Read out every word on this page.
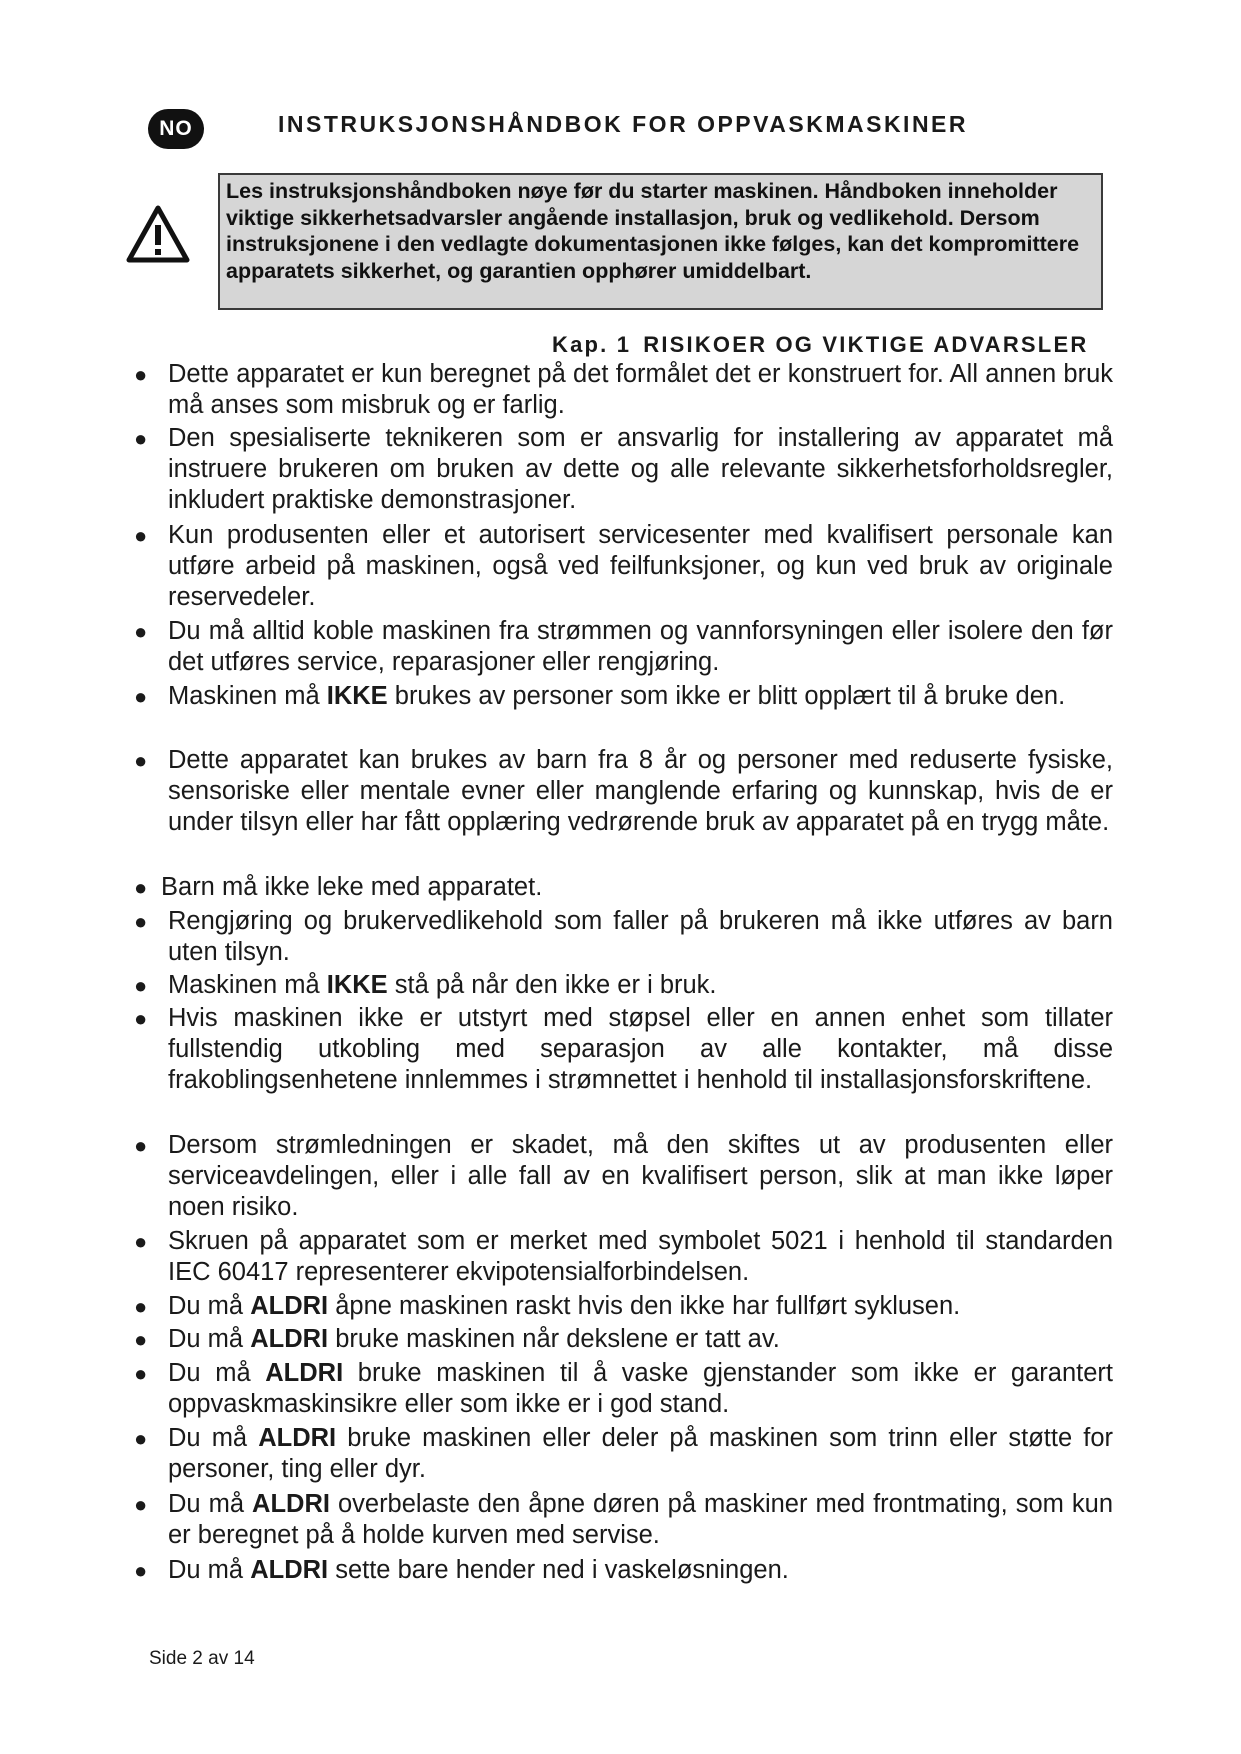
NO	INSTRUKSJONSHÅNDBOK FOR OPPVASKMASKINER
Les instruksjonshåndboken nøye før du starter maskinen. Håndboken inneholder viktige sikkerhetsadvarsler angående installasjon, bruk og vedlikehold. Dersom instruksjonene i den vedlagte dokumentasjonen ikke følges, kan det kompromittere apparatets sikkerhet, og garantien opphører umiddelbart.
Kap. 1 RISIKOER OG VIKTIGE ADVARSLER
● Dette apparatet er kun beregnet på det formålet det er konstruert for. All annen bruk må anses som misbruk og er farlig.
● Den spesialiserte teknikeren som er ansvarlig for installering av apparatet må instruere brukeren om bruken av dette og alle relevante sikkerhetsforholdsregler, inkludert praktiske demonstrasjoner.
● Kun produsenten eller et autorisert servicesenter med kvalifisert personale kan utføre arbeid på maskinen, også ved feilfunksjoner, og kun ved bruk av originale reservedeler.
● Du må alltid koble maskinen fra strømmen og vannforsyningen eller isolere den før det utføres service, reparasjoner eller rengjøring.
● Maskinen må IKKE brukes av personer som ikke er blitt opplært til å bruke den.
● Dette apparatet kan brukes av barn fra 8 år og personer med reduserte fysiske, sensoriske eller mentale evner eller manglende erfaring og kunnskap, hvis de er under tilsyn eller har fått opplæring vedrørende bruk av apparatet på en trygg måte.
● Barn må ikke leke med apparatet.
● Rengjøring og brukervedlikehold som faller på brukeren må ikke utføres av barn uten tilsyn.
● Maskinen må IKKE stå på når den ikke er i bruk.
● Hvis maskinen ikke er utstyrt med støpsel eller en annen enhet som tillater fullstendig utkobling med separasjon av alle kontakter, må disse frakoblingsenhetene innlemmes i strømnettet i henhold til installasjonsforskriftene.
● Dersom strømledningen er skadet, må den skiftes ut av produsenten eller serviceavdelingen, eller i alle fall av en kvalifisert person, slik at man ikke løper noen risiko.
● Skruen på apparatet som er merket med symbolet 5021 i henhold til standarden IEC 60417 representerer ekvipotensialforbindelsen.
● Du må ALDRI åpne maskinen raskt hvis den ikke har fullført syklusen.
● Du må ALDRI bruke maskinen når dekslene er tatt av.
● Du må ALDRI bruke maskinen til å vaske gjenstander som ikke er garantert oppvaskmaskinsikre eller som ikke er i god stand.
● Du må ALDRI bruke maskinen eller deler på maskinen som trinn eller støtte for personer, ting eller dyr.
● Du må ALDRI overbelaste den åpne døren på maskiner med frontmating, som kun er beregnet på å holde kurven med servise.
● Du må ALDRI sette bare hender ned i vaskeløsningen.
Side 2 av 14
